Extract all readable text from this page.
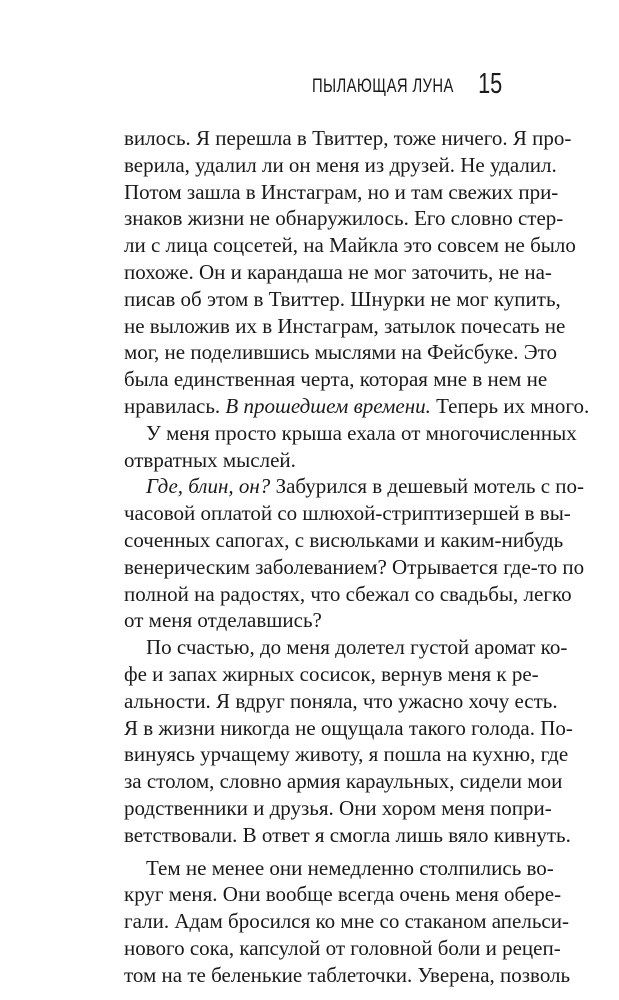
ПЫЛАЮЩАЯ ЛУНА 15
вилось. Я перешла в Твиттер, тоже ничего. Я про-
верила, удалил ли он меня из друзей. Не удалил.
Потом зашла в Инстаграм, но и там свежих при-
знаков жизни не обнаружилось. Его словно стер-
ли с лица соцсетей, на Майкла это совсем не было
похоже. Он и карандаша не мог заточить, не на-
писав об этом в Твиттер. Шнурки не мог купить,
не выложив их в Инстаграм, затылок почесать не
мог, не поделившись мыслями на Фейсбуке. Это
была единственная черта, которая мне в нем не
нравилась. В прошедшем времени. Теперь их много.
У меня просто крыша ехала от многочисленных
отвратных мыслей.
Где, блин, он? Забурился в дешевый мотель с по-
часовой оплатой со шлюхой-стриптизершей в вы-
соченных сапогах, с висюльками и каким-нибудь
венерическим заболеванием? Отрывается где-то по
полной на радостях, что сбежал со свадьбы, легко
от меня отделавшись?
По счастью, до меня долетел густой аромат ко-
фе и запах жирных сосисок, вернув меня к ре-
альности. Я вдруг поняла, что ужасно хочу есть.
Я в жизни никогда не ощущала такого голода. По-
винуясь урчащему животу, я пошла на кухню, где
за столом, словно армия караульных, сидели мои
родственники и друзья. Они хором меня попри-
ветствовали. В ответ я смогла лишь вяло кивнуть.
Тем не менее они немедленно столпились во-
круг меня. Они вообще всегда очень меня обере-
гали. Адам бросился ко мне со стаканом апельси-
нового сока, капсулой от головной боли и рецеп-
том на те беленькие таблеточки. Уверена, позволь
